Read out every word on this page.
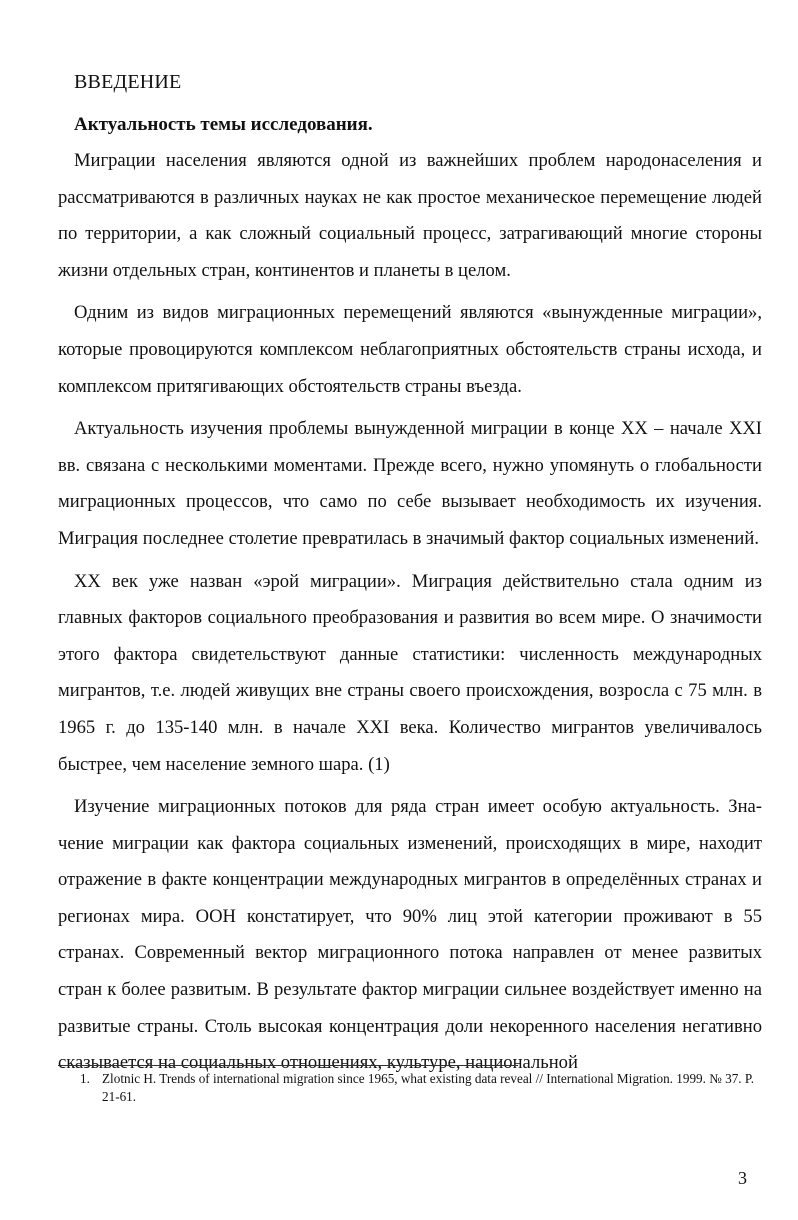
ВВЕДЕНИЕ
Актуальность темы исследования.

Миграции населения являются одной из важнейших проблем народонаселения и рассматриваются в различных науках не как простое механическое перемещение людей по территории, а как сложный социальный процесс, затрагивающий многие стороны жизни отдельных стран, континентов и планеты в целом.

Одним из видов миграционных перемещений являются «вынужденные миграции», которые провоцируются комплексом неблагоприятных обстоятельств страны исхода, и комплексом притягивающих обстоятельств страны въезда.

Актуальность изучения проблемы вынужденной миграции в конце XX – начале XXI вв. связана с несколькими моментами. Прежде всего, нужно упомянуть о глобальности миграционных процессов, что само по себе вызывает необходимость их изучения. Миграция последнее столетие превратилась в значимый фактор социальных изменений.

XX век уже назван «эрой миграции». Миграция действительно стала одним из главных факторов социального преобразования и развития во всем мире. О значимости этого фактора свидетельствуют данные статистики: численность международных мигрантов, т.е. людей живущих вне страны своего происхождения, возросла с 75 млн. в 1965 г. до 135-140 млн. в начале XXI века. Количество мигрантов увеличивалось быстрее, чем население земного шара. (1)

Изучение миграционных потоков для ряда стран имеет особую актуальность. Значение миграции как фактора социальных изменений, происходящих в мире, находит отражение в факте концентрации международных мигрантов в определённых странах и регионах мира. ООН констатирует, что 90% лиц этой категории проживают в 55 странах. Современный вектор миграционного потока направлен от менее развитых стран к более развитым. В результате фактор миграции сильнее воздействует именно на развитые страны. Столь высокая концентрация доли некоренного населения негативно сказывается на социальных отношениях, культуре, национальной

1. Zlotnic H. Trends of international migration since 1965, what existing data reveal // International Migration. 1999. № 37. P. 21-61.
3
